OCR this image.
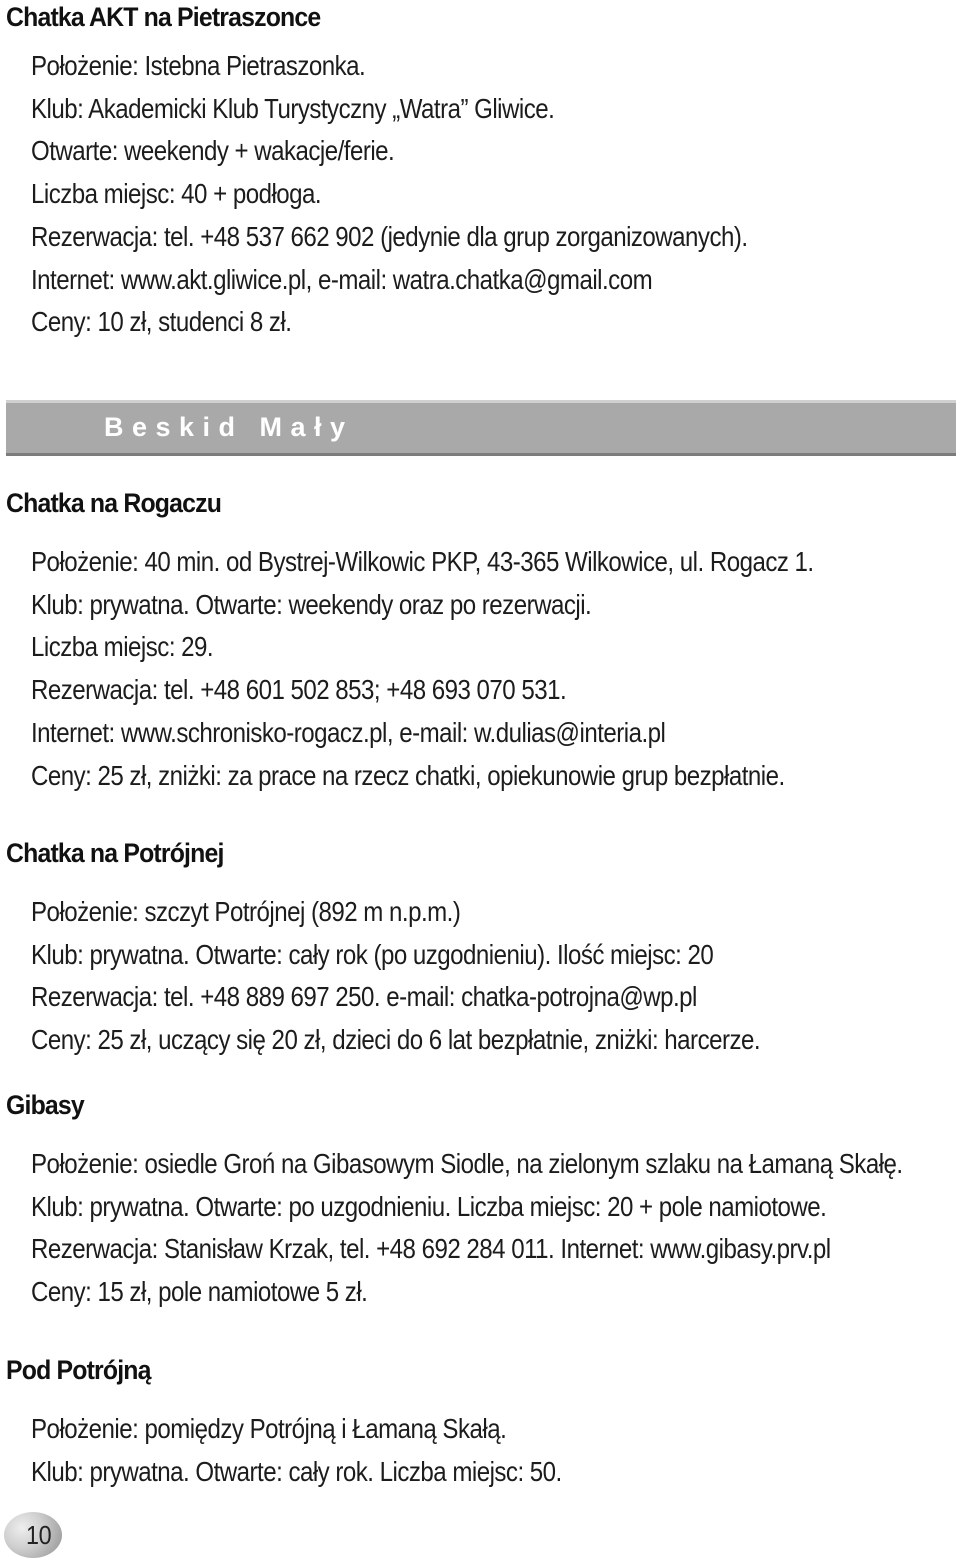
Chatka AKT na Pietraszonce
Położenie: Istebna Pietraszonka.
Klub: Akademicki Klub Turystyczny „Watra” Gliwice.
Otwarte: weekendy + wakacje/ferie.
Liczba miejsc: 40 + podłoga.
Rezerwacja: tel. +48 537 662 902 (jedynie dla grup zorganizowanych).
Internet: www.akt.gliwice.pl, e-mail: watra.chatka@gmail.com
Ceny: 10 zł, studenci 8 zł.
Beskid Mały
Chatka na Rogaczu
Położenie: 40 min. od Bystrej-Wilkowic PKP, 43-365 Wilkowice, ul. Rogacz 1.
Klub: prywatna. Otwarte: weekendy oraz po rezerwacji.
Liczba miejsc: 29.
Rezerwacja: tel. +48 601 502 853; +48 693 070 531.
Internet: www.schronisko-rogacz.pl, e-mail: w.dulias@interia.pl
Ceny: 25 zł, zniżki: za prace na rzecz chatki, opiekunowie grup bezpłatnie.
Chatka na Potrójnej
Położenie: szczyt Potrójnej (892 m n.p.m.)
Klub: prywatna. Otwarte: cały rok (po uzgodnieniu). Ilość miejsc: 20
Rezerwacja: tel. +48 889 697 250. e-mail: chatka-potrojna@wp.pl
Ceny: 25 zł, uczący się 20 zł, dzieci do 6 lat bezpłatnie, zniżki: harcerze.
Gibasy
Położenie: osiedle Groń na Gibasowym Siodle, na zielonym szlaku na Łamaną Skałę.
Klub: prywatna. Otwarte: po uzgodnieniu. Liczba miejsc: 20 + pole namiotowe.
Rezerwacja: Stanisław Krzak, tel. +48 692 284 011. Internet: www.gibasy.prv.pl
Ceny: 15 zł, pole namiotowe 5 zł.
Pod Potrójną
Położenie: pomiędzy Potrójną i Łamaną Skałą.
Klub: prywatna. Otwarte: cały rok. Liczba miejsc: 50.
10
